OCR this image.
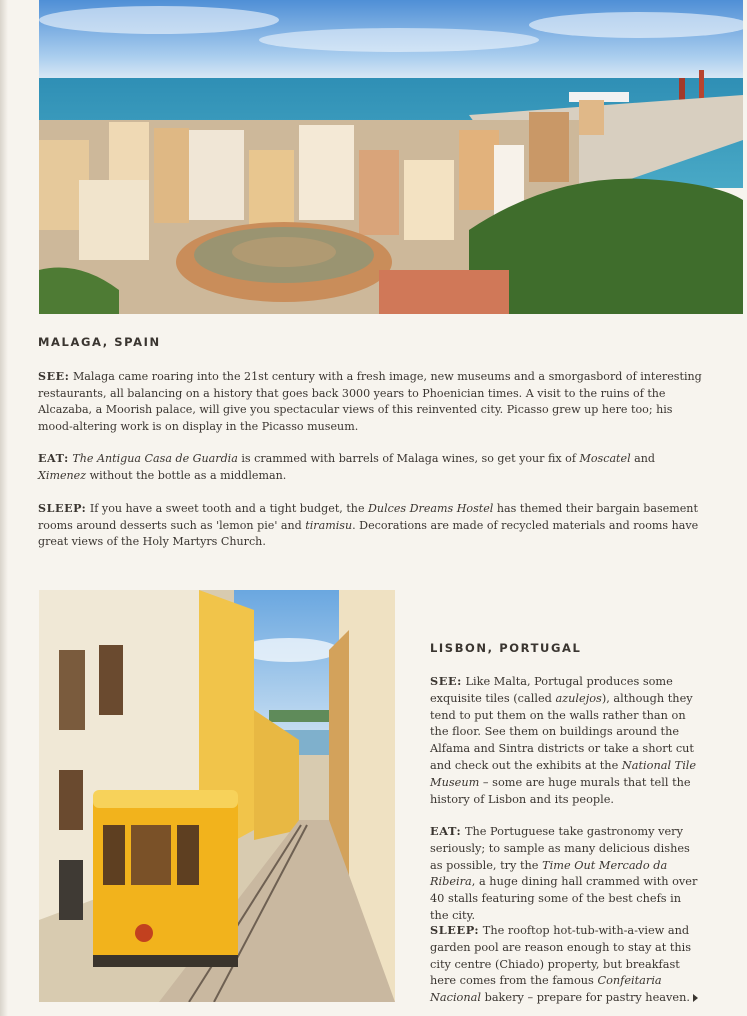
MALAGA, SPAIN

SEE: Malaga came roaring into the 21st century with a fresh image, new museums and a smorgasbord of interesting restaurants, all balancing on a history that goes back 3000 years to Phoenician times. A visit to the ruins of the Alcazaba, a Moorish palace, will give you spectacular views of this reinvented city. Picasso grew up here too; his mood-altering work is on display in the Picasso museum.

EAT: The Antigua Casa de Guardia is crammed with barrels of Malaga wines, so get your fix of Moscatel and Ximenez without the bottle as a middleman.

SLEEP: If you have a sweet tooth and a tight budget, the Dulces Dreams Hostel has themed their bargain basement rooms around desserts such as 'lemon pie' and tiramisu. Decorations are made of recycled materials and rooms have great views of the Holy Martyrs Church.

LISBON, PORTUGAL

SEE: Like Malta, Portugal produces some exquisite tiles (called azulejos), although they tend to put them on the walls rather than on the floor. See them on buildings around the Alfama and Sintra districts or take a short cut and check out the exhibits at the National Tile Museum – some are huge murals that tell the history of Lisbon and its people.

EAT: The Portuguese take gastronomy very seriously; to sample as many delicious dishes as possible, try the Time Out Mercado da Ribeira, a huge dining hall crammed with over 40 stalls featuring some of the best chefs in the city.

SLEEP: The rooftop hot-tub-with-a-view and garden pool are reason enough to stay at this city centre (Chiado) property, but breakfast here comes from the famous Confeitaria Nacional bakery – prepare for pastry heaven.
